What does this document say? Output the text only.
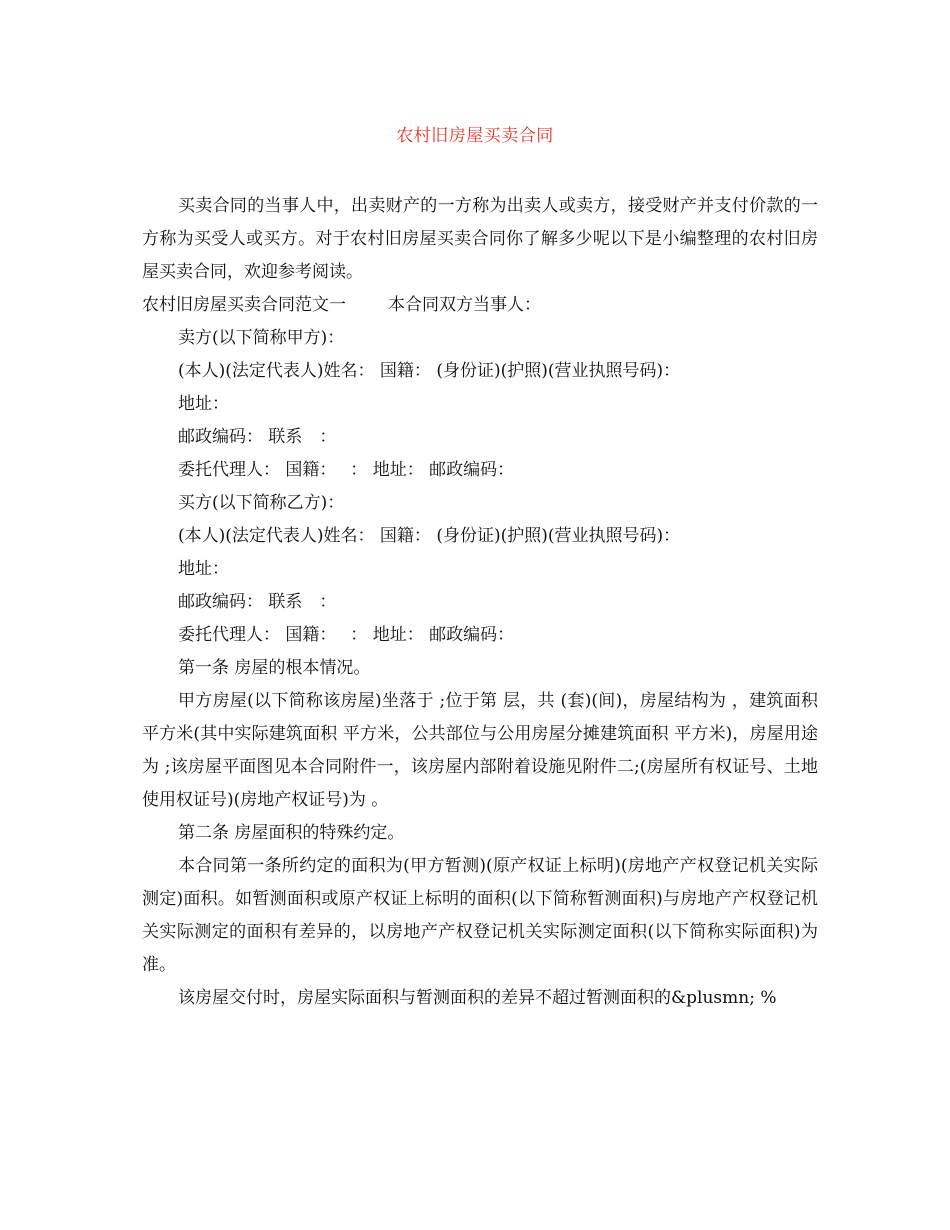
农村旧房屋买卖合同

买卖合同的当事人中，出卖财产的一方称为出卖人或卖方，接受财产并支付价款的一方称为买受人或买方。对于农村旧房屋买卖合同你了解多少呢以下是小编整理的农村旧房屋买卖合同，欢迎参考阅读。

农村旧房屋买卖合同范文一 本合同双方当事人：

卖方(以下简称甲方)：

(本人)(法定代表人)姓名： 国籍： (身份证)(护照)(营业执照号码)：

地址：

邮政编码： 联系　：

委托代理人： 国籍：　 ： 地址： 邮政编码：

买方(以下简称乙方)：

(本人)(法定代表人)姓名： 国籍： (身份证)(护照)(营业执照号码)：

地址：

邮政编码： 联系　：

委托代理人： 国籍：　 ： 地址： 邮政编码：

第一条 房屋的根本情况。

甲方房屋(以下简称该房屋)坐落于 ;位于第 层，共 (套)(间)，房屋结构为 ，建筑面积 平方米(其中实际建筑面积 平方米，公共部位与公用房屋分摊建筑面积 平方米)，房屋用途为 ;该房屋平面图见本合同附件一，该房屋内部附着设施见附件二;(房屋所有权证号、土地使用权证号)(房地产权证号)为 。

第二条 房屋面积的特殊约定。

本合同第一条所约定的面积为(甲方暂测)(原产权证上标明)(房地产产权登记机关实际测定)面积。如暂测面积或原产权证上标明的面积(以下简称暂测面积)与房地产产权登记机关实际测定的面积有差异的，以房地产产权登记机关实际测定面积(以下简称实际面积)为准。

该房屋交付时，房屋实际面积与暂测面积的差异不超过暂测面积的&plusmn; %
